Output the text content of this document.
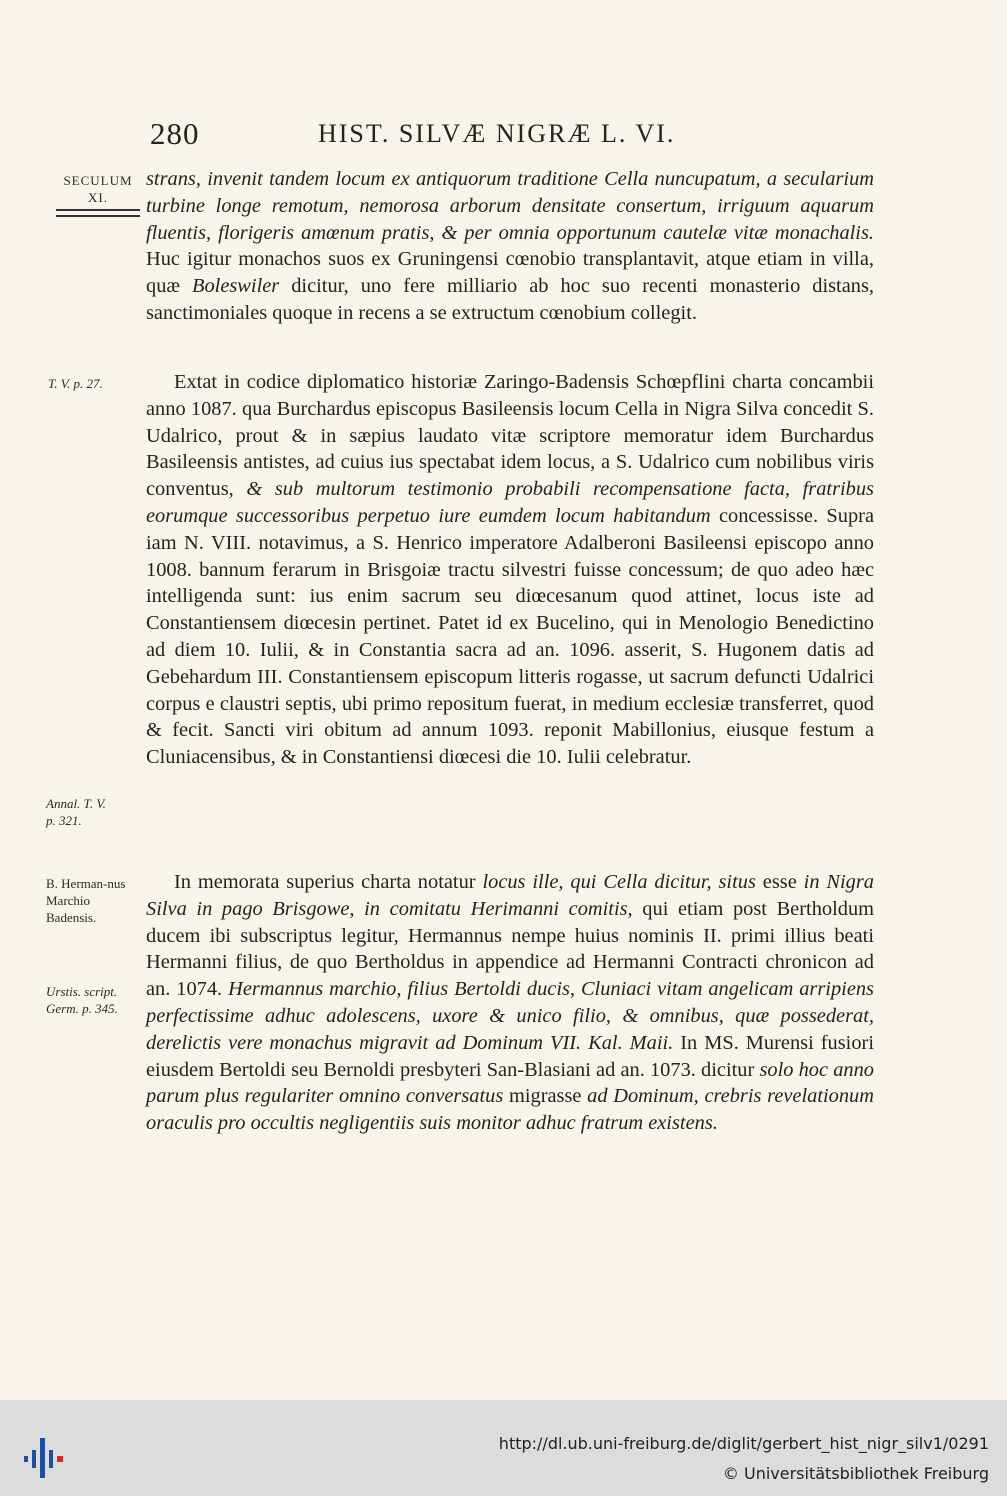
280	HIST. SILVÆ NIGRÆ L. VI.
SECULUM
XI.
T. V. p. 27.
Annal. T. V.
p. 321.
B. Herman-nus Marchio Badensis.
Urstis. script.
Germ. p. 345.
strans, invenit tandem locum ex antiquorum traditione Cella nuncupatum, a secularium turbine longe remotum, nemorosa arborum densitate consertum, irriguum aquarum fluentis, florigeris amœnum pratis, & per omnia opportunum cautelæ vitæ monachalis. Huc igitur monachos suos ex Gruningensi cœnobio transplantavit, atque etiam in villa, quæ Boleswiler dicitur, uno fere milliario ab hoc suo recenti monasterio distans, sanctimoniales quoque in recens a se extructum cœnobium collegit.
Extat in codice diplomatico historiæ Zaringo-Badensis Schœpflini charta concambii anno 1087. qua Burchardus episcopus Basileensis locum Cella in Nigra Silva concedit S. Udalrico, prout & in sæpius laudato vitæ scriptore memoratur idem Burchardus Basileensis antistes, ad cuius ius spectabat idem locus, a S. Udalrico cum nobilibus viris conventus, & sub multorum testimonio probabili recompensatione facta, fratribus eorumque successoribus perpetuo iure eumdem locum habitandum concessisse. Supra iam N. VIII. notavimus, a S. Henrico imperatore Adalberoni Basileensi episcopo anno 1008. bannum ferarum in Brisgoiæ tractu silvestri fuisse concessum; de quo adeo hæc intelligenda sunt: ius enim sacrum seu diœcesanum quod attinet, locus iste ad Constantiensem diœcesin pertinet. Patet id ex Bucelino, qui in Menologio Benedictino ad diem 10. Iulii, & in Constantia sacra ad an. 1096. asserit, S. Hugonem datis ad Gebehardum III. Constantiensem episcopum litteris rogasse, ut sacrum defuncti Udalrici corpus e claustri septis, ubi primo repositum fuerat, in medium ecclesiæ transferret, quod & fecit. Sancti viri obitum ad annum 1093. reponit Mabillonius, eiusque festum a Cluniacensibus, & in Constantiensi diœcesi die 10. Iulii celebratur.
In memorata superius charta notatur locus ille, qui Cella dicitur, situs esse in Nigra Silva in pago Brisgowe, in comitatu Herimanni comitis, qui etiam post Bertholdum ducem ibi subscriptus legitur, Hermannus nempe huius nominis II. primi illius beati Hermanni filius, de quo Bertholdus in appendice ad Hermanni Contracti chronicon ad an. 1074. Hermannus marchio, filius Bertoldi ducis, Cluniaci vitam angelicam arripiens perfectissime adhuc adolescens, uxore & unico filio, & omnibus, quæ possederat, derelictis vere monachus migravit ad Dominum VII. Kal. Maii. In MS. Murensi fusiori eiusdem Bertoldi seu Bernoldi presbyteri San-Blasiani ad an. 1073. dicitur solo hoc anno parum plus regulariter omnino conversatus migrasse ad Dominum, crebris revelationum oraculis pro occultis negligentiis suis monitor adhuc fratrum existens.
http://dl.ub.uni-freiburg.de/diglit/gerbert_hist_nigr_silv1/0291
© Universitätsbibliothek Freiburg
